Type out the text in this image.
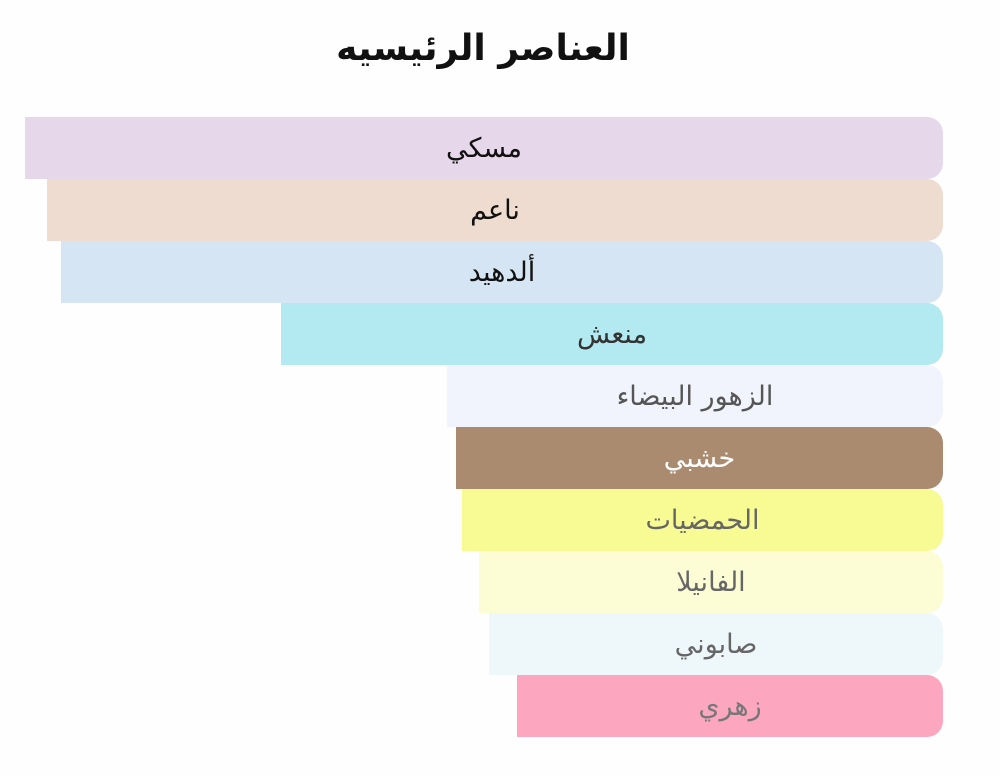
العناصر الرئيسيه
مسكي
ناعم
ألدهيد
منعش
الزهور البيضاء
خشبي
الحمضيات
الفانيلا
صابوني
زهري
